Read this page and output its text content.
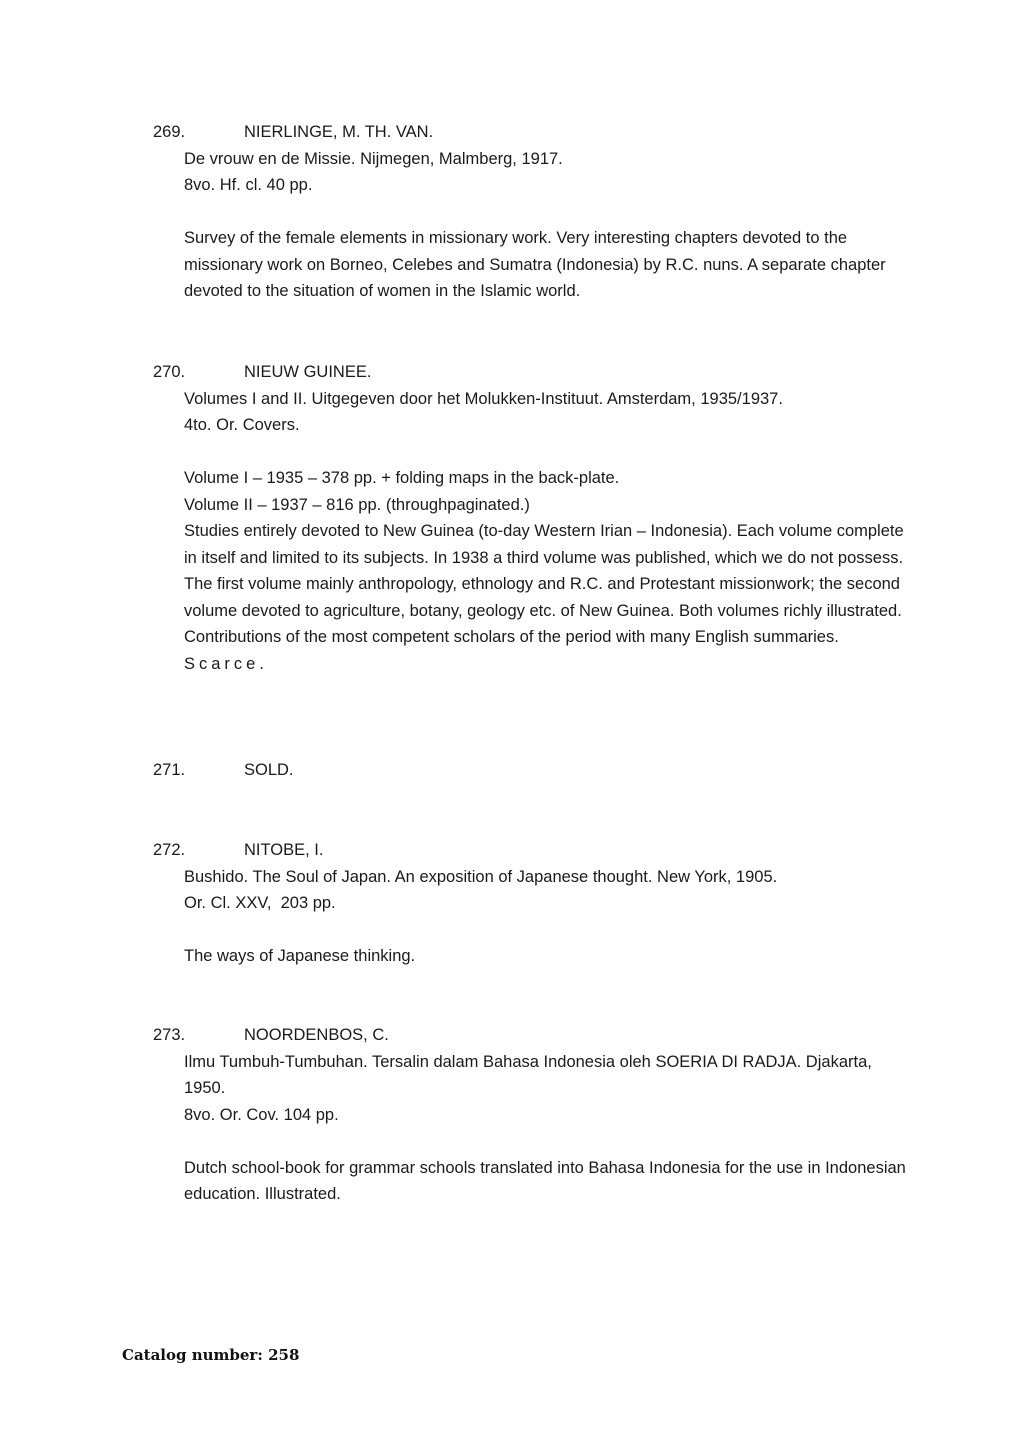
269.	NIERLINGE, M. TH. VAN.
De vrouw en de Missie. Nijmegen, Malmberg, 1917.
8vo. Hf. cl. 40 pp.
Survey of the female elements in missionary work. Very interesting chapters devoted to the missionary work on Borneo, Celebes and Sumatra (Indonesia) by R.C. nuns. A separate chapter devoted to the situation of women in the Islamic world.
270.	NIEUW GUINEE.
Volumes I and II. Uitgegeven door het Molukken-Instituut. Amsterdam, 1935/1937.
4to. Or. Covers.
Volume I – 1935 – 378 pp. + folding maps in the back-plate.
Volume II – 1937 – 816 pp. (throughpaginated.)
Studies entirely devoted to New Guinea (to-day Western Irian – Indonesia). Each volume complete in itself and limited to its subjects. In 1938 a third volume was published, which we do not possess. The first volume mainly anthropology, ethnology and R.C. and Protestant missionwork; the second volume devoted to agriculture, botany, geology etc. of New Guinea. Both volumes richly illustrated. Contributions of the most competent scholars of the period with many English summaries.
Scarce.
271.	SOLD.
272.	NITOBE, I.
Bushido. The Soul of Japan. An exposition of Japanese thought. New York, 1905.
Or. Cl. XXV,  203 pp.
The ways of Japanese thinking.
273.	NOORDENBOS, C.
Ilmu Tumbuh-Tumbuhan. Tersalin dalam Bahasa Indonesia oleh SOERIA DI RADJA. Djakarta, 1950.
8vo. Or. Cov. 104 pp.
Dutch school-book for grammar schools translated into Bahasa Indonesia for the use in Indonesian education. Illustrated.
Catalog number: 258
